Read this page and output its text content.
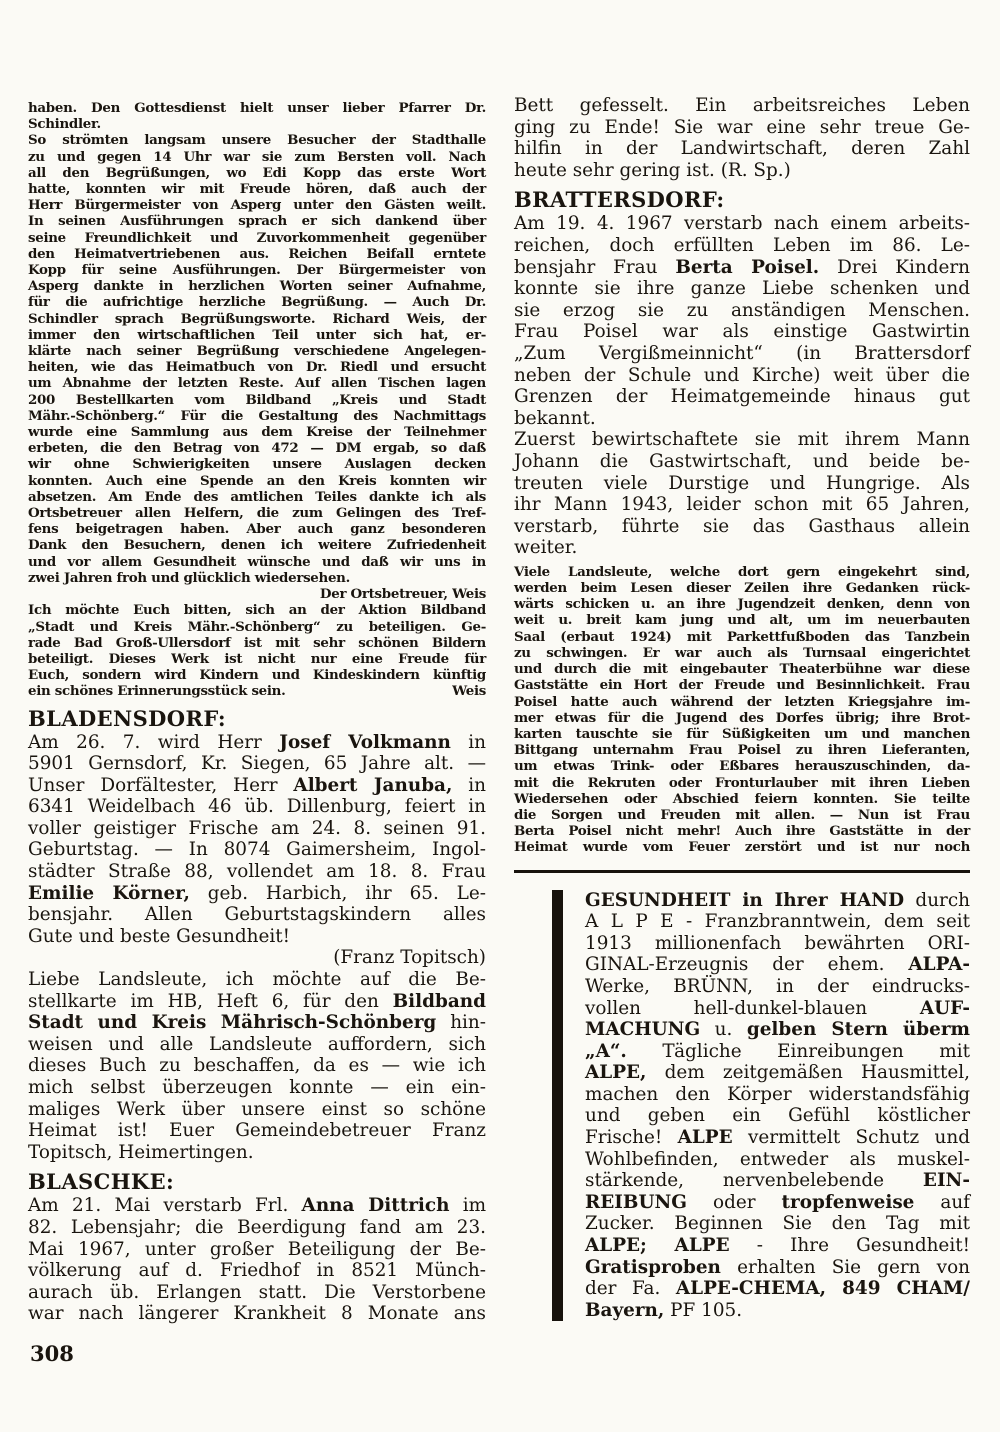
haben. Den Gottesdienst hielt unser lieber Pfarrer Dr.
Schindler.
So strömten langsam unsere Besucher der Stadthalle
zu und gegen 14 Uhr war sie zum Bersten voll. Nach
all den Begrüßungen, wo Edi Kopp das erste Wort
hatte, konnten wir mit Freude hören, daß auch der
Herr Bürgermeister von Asperg unter den Gästen weilt.
In seinen Ausführungen sprach er sich dankend über
seine Freundlichkeit und Zuvorkommenheit gegenüber
den Heimatvertriebenen aus. Reichen Beifall erntete
Kopp für seine Ausführungen. Der Bürgermeister von
Asperg dankte in herzlichen Worten seiner Aufnahme,
für die aufrichtige herzliche Begrüßung. — Auch Dr.
Schindler sprach Begrüßungsworte. Richard Weis, der
immer den wirtschaftlichen Teil unter sich hat, er-
klärte nach seiner Begrüßung verschiedene Angelegen-
heiten, wie das Heimatbuch von Dr. Riedl und ersucht
um Abnahme der letzten Reste. Auf allen Tischen lagen
200 Bestellkarten vom Bildband „Kreis und Stadt
Mähr.-Schönberg.“ Für die Gestaltung des Nachmittags
wurde eine Sammlung aus dem Kreise der Teilnehmer
erbeten, die den Betrag von 472 — DM ergab, so daß
wir ohne Schwierigkeiten unsere Auslagen decken
konnten. Auch eine Spende an den Kreis konnten wir
absetzen. Am Ende des amtlichen Teiles dankte ich als
Ortsbetreuer allen Helfern, die zum Gelingen des Tref-
fens beigetragen haben. Aber auch ganz besonderen
Dank den Besuchern, denen ich weitere Zufriedenheit
und vor allem Gesundheit wünsche und daß wir uns in
zwei Jahren froh und glücklich wiedersehen.
Der Ortsbetreuer, Weis
Ich möchte Euch bitten, sich an der Aktion Bildband
„Stadt und Kreis Mähr.-Schönberg“ zu beteiligen. Ge-
rade Bad Groß-Ullersdorf ist mit sehr schönen Bildern
beteiligt. Dieses Werk ist nicht nur eine Freude für
Euch, sondern wird Kindern und Kindeskindern künftig
ein schönes Erinnerungsstück sein.	Weis
BLADENSDORF:
Am 26. 7. wird Herr Josef Volkmann in
5901 Gernsdorf, Kr. Siegen, 65 Jahre alt. —
Unser Dorfältester, Herr Albert Januba, in
6341 Weidelbach 46 üb. Dillenburg, feiert in
voller geistiger Frische am 24. 8. seinen 91.
Geburtstag. — In 8074 Gaimersheim, Ingol-
städter Straße 88, vollendet am 18. 8. Frau
Emilie Körner, geb. Harbich, ihr 65. Le-
bensjahr. Allen Geburtstagskindern alles
Gute und beste Gesundheit!
(Franz Topitsch)
Liebe Landsleute, ich möchte auf die Be-
stellkarte im HB, Heft 6, für den Bildband
Stadt und Kreis Mährisch-Schönberg hin-
weisen und alle Landsleute auffordern, sich
dieses Buch zu beschaffen, da es — wie ich
mich selbst überzeugen konnte — ein ein-
maliges Werk über unsere einst so schöne
Heimat ist! Euer Gemeindebetreuer Franz
Topitsch, Heimertingen.
BLASCHKE:
Am 21. Mai verstarb Frl. Anna Dittrich im
82. Lebensjahr; die Beerdigung fand am 23.
Mai 1967, unter großer Beteiligung der Be-
völkerung auf d. Friedhof in 8521 Münch-
aurach üb. Erlangen statt. Die Verstorbene
war nach längerer Krankheit 8 Monate ans
Bett gefesselt. Ein arbeitsreiches Leben
ging zu Ende! Sie war eine sehr treue Ge-
hilfin in der Landwirtschaft, deren Zahl
heute sehr gering ist. (R. Sp.)
BRATTERSDORF:
Am 19. 4. 1967 verstarb nach einem arbeits-
reichen, doch erfüllten Leben im 86. Le-
bensjahr Frau Berta Poisel. Drei Kindern
konnte sie ihre ganze Liebe schenken und
sie erzog sie zu anständigen Menschen.
Frau Poisel war als einstige Gastwirtin
„Zum Vergißmeinnicht“ (in Brattersdorf
neben der Schule und Kirche) weit über die
Grenzen der Heimatgemeinde hinaus gut
bekannt.
Zuerst bewirtschaftete sie mit ihrem Mann
Johann die Gastwirtschaft, und beide be-
treuten viele Durstige und Hungrige. Als
ihr Mann 1943, leider schon mit 65 Jahren,
verstarb, führte sie das Gasthaus allein
weiter.
Viele Landsleute, welche dort gern eingekehrt sind,
werden beim Lesen dieser Zeilen ihre Gedanken rück-
wärts schicken u. an ihre Jugendzeit denken, denn von
weit u. breit kam jung und alt, um im neuerbauten
Saal (erbaut 1924) mit Parkettfußboden das Tanzbein
zu schwingen. Er war auch als Turnsaal eingerichtet
und durch die mit eingebauter Theaterbühne war diese
Gaststätte ein Hort der Freude und Besinnlichkeit. Frau
Poisel hatte auch während der letzten Kriegsjahre im-
mer etwas für die Jugend des Dorfes übrig; ihre Brot-
karten tauschte sie für Süßigkeiten um und manchen
Bittgang unternahm Frau Poisel zu ihren Lieferanten,
um etwas Trink- oder Eßbares herauszuschinden, da-
mit die Rekruten oder Fronturlauber mit ihren Lieben
Wiedersehen oder Abschied feiern konnten. Sie teilte
die Sorgen und Freuden mit allen. — Nun ist Frau
Berta Poisel nicht mehr! Auch ihre Gaststätte in der
Heimat wurde vom Feuer zerstört und ist nur noch
GESUNDHEIT in Ihrer HAND durch
A L P E - Franzbranntwein, dem seit
1913 millionenfach bewährten ORI-
GINAL-Erzeugnis der ehem. ALPA-
Werke, BRÜNN, in der eindrucks-
vollen hell-dunkel-blauen AUF-
MACHUNG u. gelben Stern überm
„A“. Tägliche Einreibungen mit
ALPE, dem zeitgemäßen Hausmittel,
machen den Körper widerstandsfähig
und geben ein Gefühl köstlicher
Frische! ALPE vermittelt Schutz und
Wohlbefinden, entweder als muskel-
stärkende, nervenbelebende EIN-
REIBUNG oder tropfenweise auf
Zucker. Beginnen Sie den Tag mit
ALPE; ALPE - Ihre Gesundheit!
Gratisproben erhalten Sie gern von
der Fa. ALPE-CHEMA, 849 CHAM/
Bayern, PF 105.
308
